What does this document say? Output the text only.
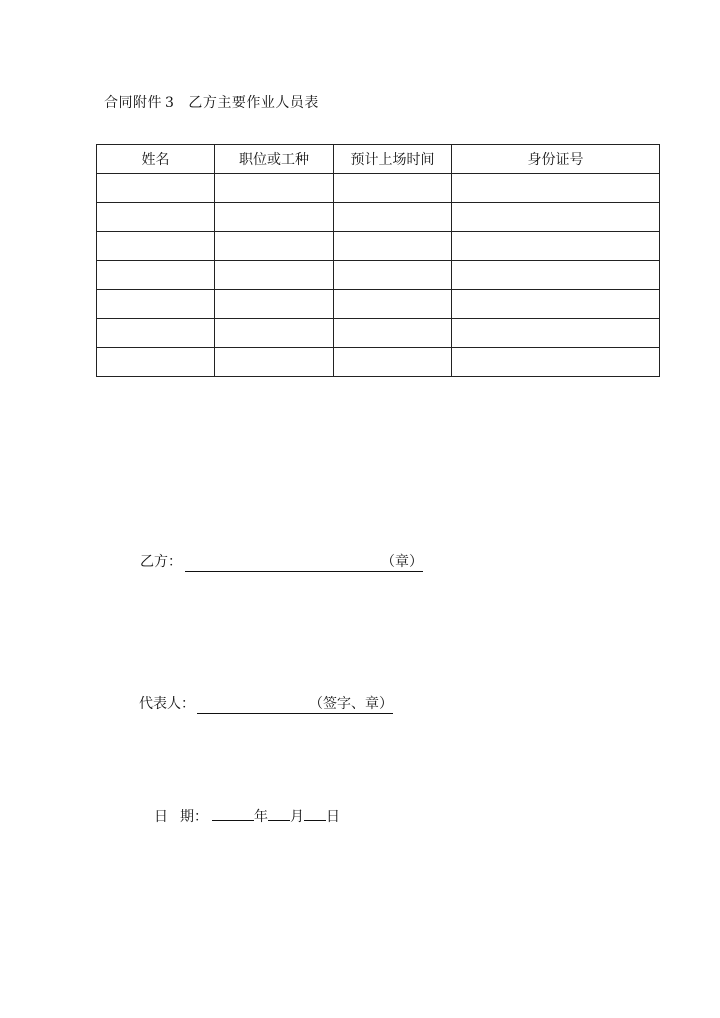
合同附件 3 乙方主要作业人员表
姓名	职位或工种	预计上场时间	身份证号

乙方：	（章）
代表人：	（签字、章）
日 期：	年 月 日
